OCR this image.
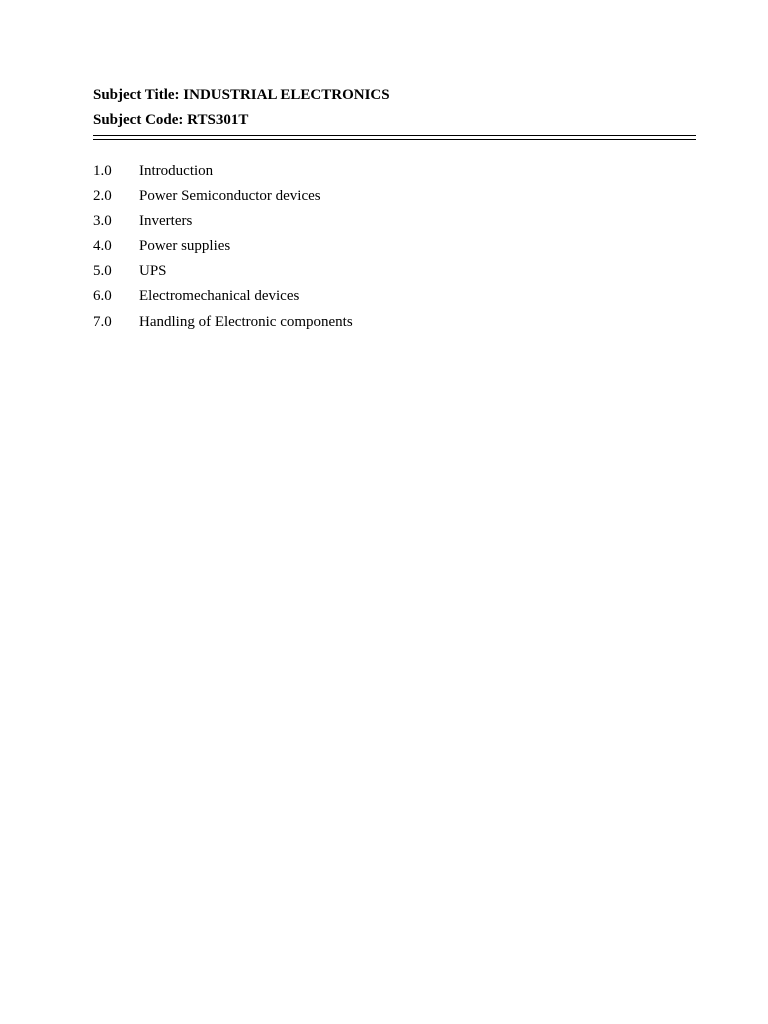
Subject Title: INDUSTRIAL ELECTRONICS
Subject Code: RTS301T
1.0 Introduction
2.0 Power Semiconductor devices
3.0 Inverters
4.0 Power supplies
5.0 UPS
6.0 Electromechanical devices
7.0 Handling of Electronic components
